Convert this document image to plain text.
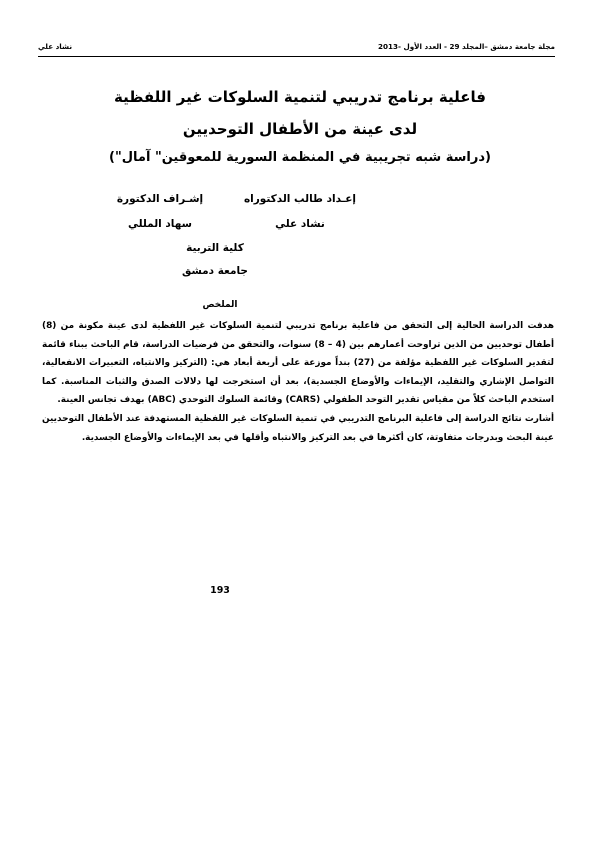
مجلة جامعة دمشق –المجلد 29 - العدد الأول -2013
نشاد علي
فاعلية برنامج تدريبي لتنمية السلوكات غير اللفظية
لدى عينة من الأطفال التوحديين
(دراسة شبه تجريبية في المنظمة السورية للمعوقين" آمال")
إعـداد طالب الدكتوراه
إشـراف الدكتورة
نشاد علي
سهاد المللي
كلية التربية
جامعة دمشق
الملخص

هدفت الدراسة الحالية إلى التحقق من فاعلية برنامج تدريبي لتنمية السلوكات غير اللفظية لدى عينة مكونة من (8) أطفال توحديين من الذين تراوحت أعمارهم بين (4 – 8) سنوات، والتحقق من فرضيات الدراسة، قام الباحث ببناء قائمة لتقدير السلوكات غير اللفظية مؤلفة من (27) بنداً موزعة على أربعة أبعاد هي: (التركيز والانتباه، التعبيرات الانفعالية، التواصل الإشاري والتقليد، الإيماءات والأوضاع الجسدية)، بعد أن استخرجت لها دلالات الصدق والثبات المناسبة. كما استخدم الباحث كلاً من مقياس تقدير التوحد الطفولي (CARS) وقائمة السلوك التوحدي (ABC) بهدف تجانس العينة.

أشارت نتائج الدراسة إلى فاعلية البرنامج التدريبي في تنمية السلوكات غير اللفظية المستهدفة عند الأطفال التوحديين عينة البحث وبدرجات متفاوتة، كان أكثرها في بعد التركيز والانتباه وأقلها في بعد الإيماءات والأوضاع الجسدية.

193
